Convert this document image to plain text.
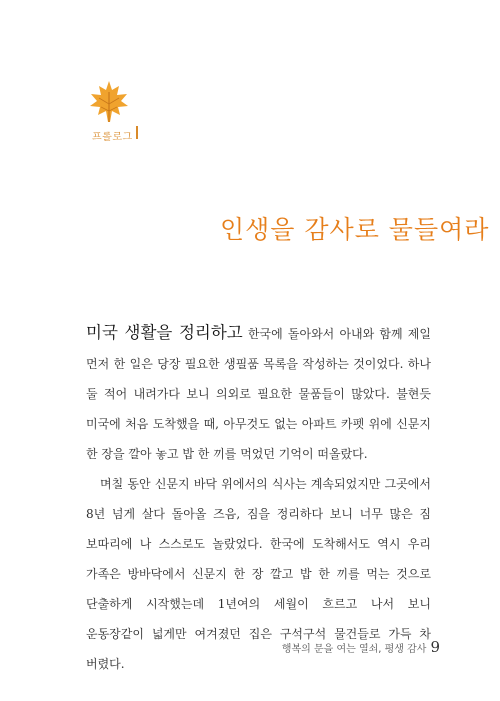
프롤로그
인생을 감사로 물들여라

미국 생활을 정리하고 한국에 돌아와서 아내와 함께 제일 먼저 한 일은 당장 필요한 생필품 목록을 작성하는 것이었다. 하나 둘 적어 내려가다 보니 의외로 필요한 물품들이 많았다. 불현듯 미국에 처음 도착했을 때, 아무것도 없는 아파트 카펫 위에 신문지 한 장을 깔아 놓고 밥 한 끼를 먹었던 기억이 떠올랐다.

며칠 동안 신문지 바닥 위에서의 식사는 계속되었지만 그곳에서 8년 넘게 살다 돌아올 즈음, 짐을 정리하다 보니 너무 많은 짐 보따리에 나 스스로도 놀랐었다. 한국에 도착해서도 역시 우리 가족은 방바닥에서 신문지 한 장 깔고 밥 한 끼를 먹는 것으로 단출하게 시작했는데 1년여의 세월이 흐르고 나서 보니 운동장같이 넓게만 여겨졌던 집은 구석구석 물건들로 가득 차 버렸다.

행복의 문을 여는 열쇠, 평생 감사 9
